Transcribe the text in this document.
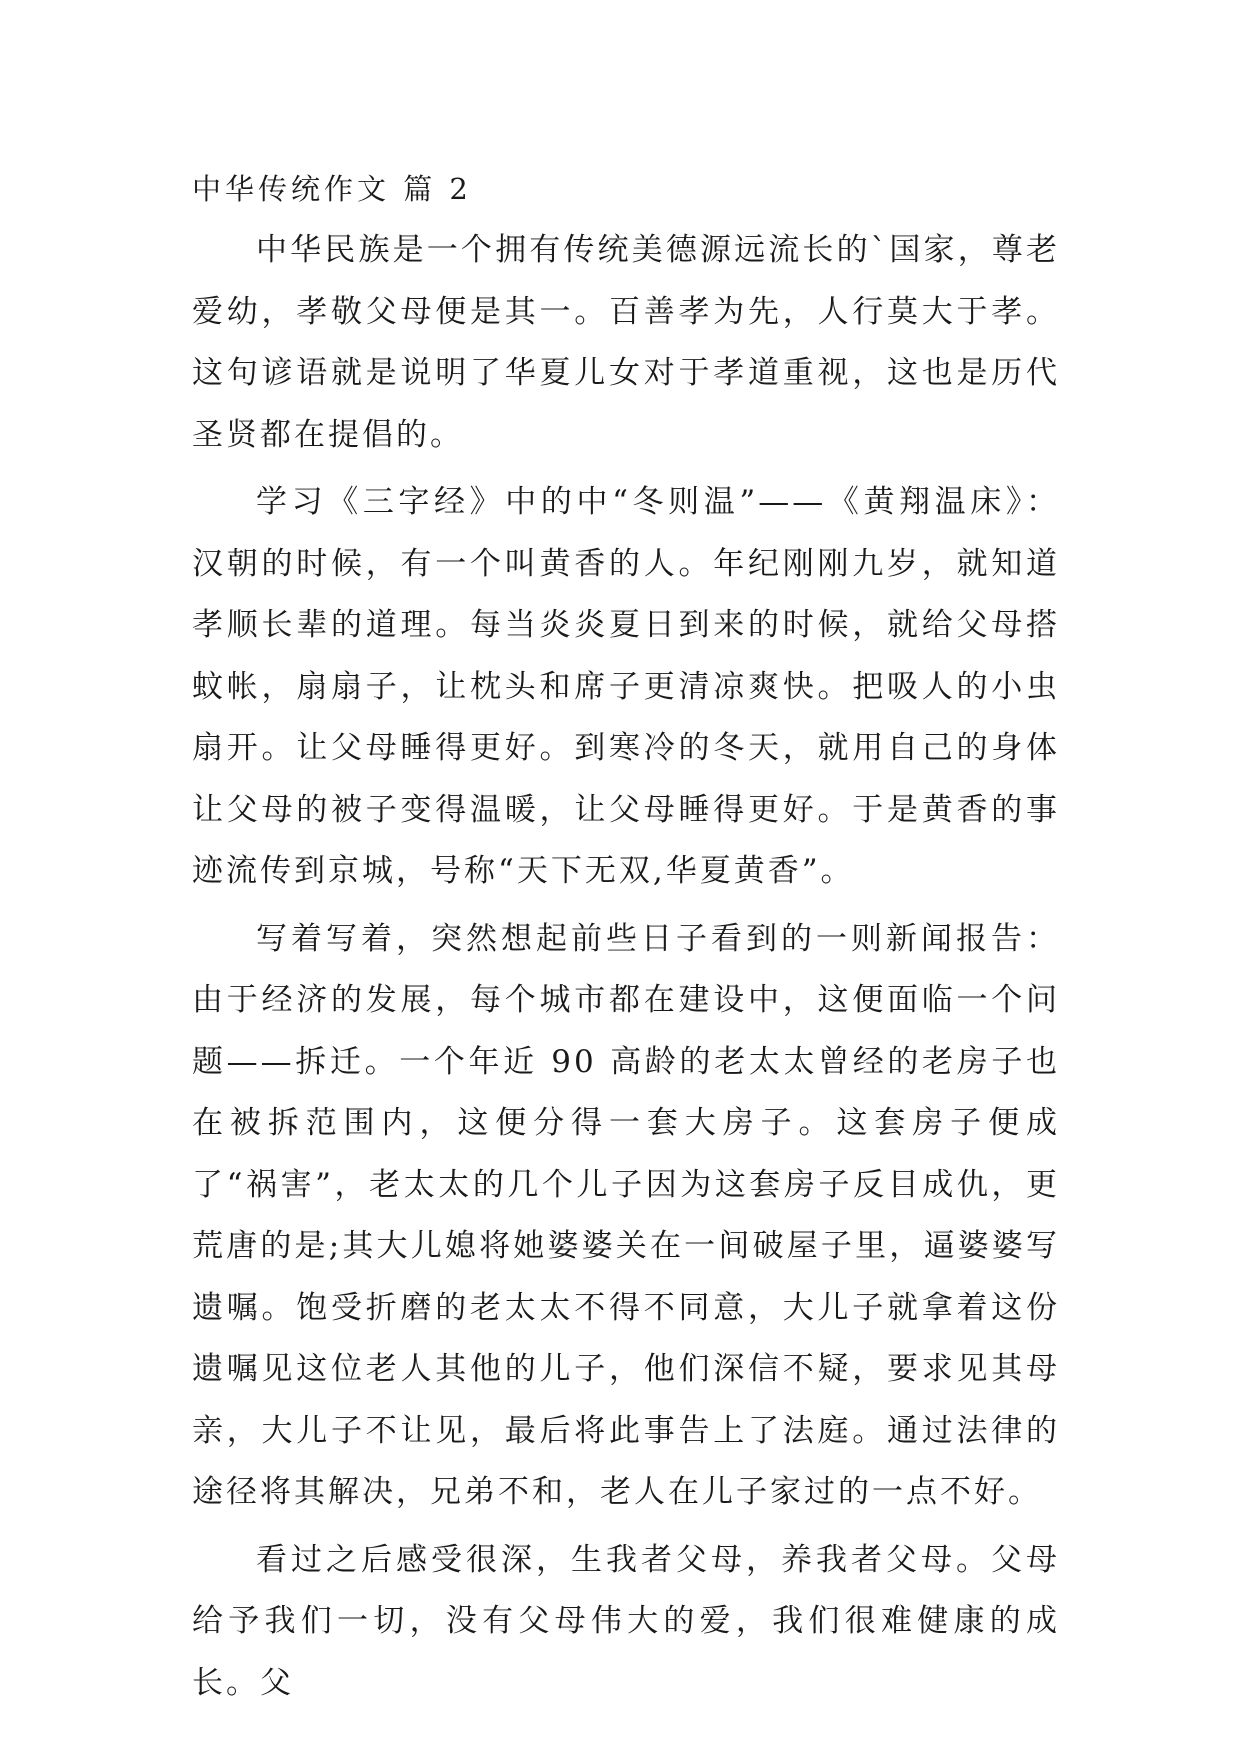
中华传统作文 篇 2

中华民族是一个拥有传统美德源远流长的`国家，尊老爱幼，孝敬父母便是其一。百善孝为先，人行莫大于孝。这句谚语就是说明了华夏儿女对于孝道重视，这也是历代圣贤都在提倡的。

学习《三字经》中的中“冬则温”——《黄翔温床》：汉朝的时候，有一个叫黄香的人。年纪刚刚九岁，就知道孝顺长辈的道理。每当炎炎夏日到来的时候，就给父母搭蚊帐，扇扇子，让枕头和席子更清凉爽快。把吸人的小虫扇开。让父母睡得更好。到寒冷的冬天，就用自己的身体让父母的被子变得温暖，让父母睡得更好。于是黄香的事迹流传到京城，号称“天下无双,华夏黄香”。

写着写着，突然想起前些日子看到的一则新闻报告：由于经济的发展，每个城市都在建设中，这便面临一个问题——拆迁。一个年近 90 高龄的老太太曾经的老房子也在被拆范围内，这便分得一套大房子。这套房子便成了“祸害”，老太太的几个儿子因为这套房子反目成仇，更荒唐的是;其大儿媳将她婆婆关在一间破屋子里，逼婆婆写遗嘱。饱受折磨的老太太不得不同意，大儿子就拿着这份遗嘱见这位老人其他的儿子，他们深信不疑，要求见其母亲，大儿子不让见，最后将此事告上了法庭。通过法律的途径将其解决，兄弟不和，老人在儿子家过的一点不好。

看过之后感受很深，生我者父母，养我者父母。父母给予我们一切，没有父母伟大的爱，我们很难健康的成长。父
